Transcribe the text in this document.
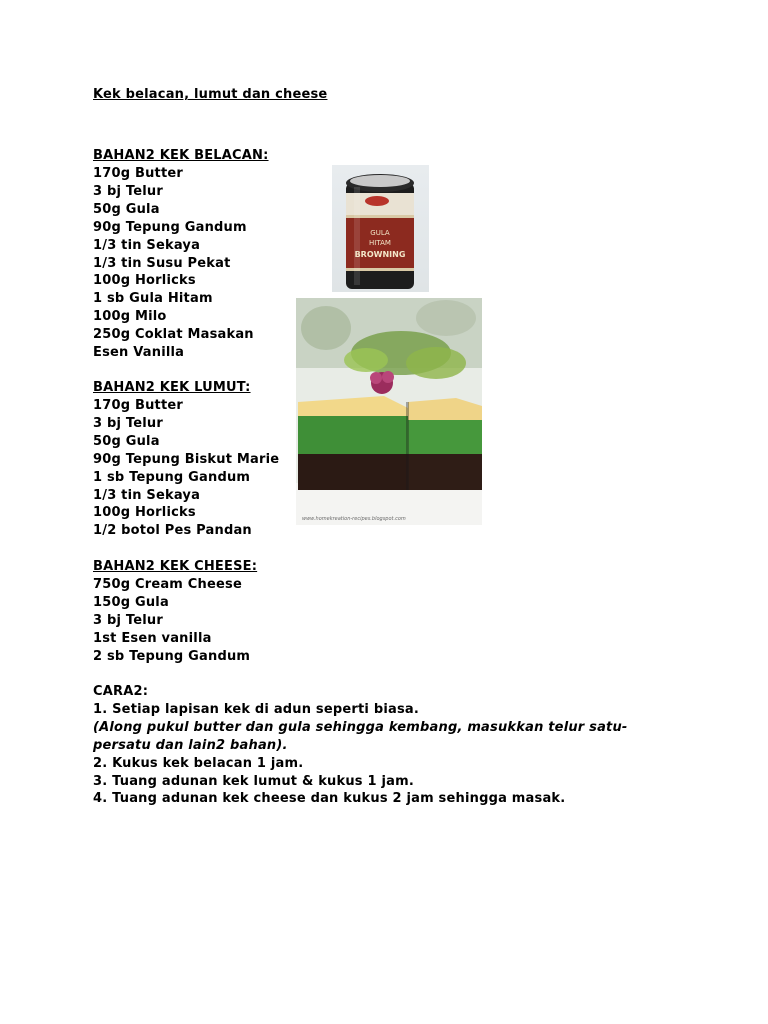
Kek belacan, lumut dan cheese
BAHAN2 KEK BELACAN:
170g Butter
3 bj Telur
50g Gula
90g Tepung Gandum
1/3 tin Sekaya
1/3 tin Susu Pekat
100g Horlicks
1 sb Gula Hitam
100g Milo
250g Coklat Masakan
Esen Vanilla
BAHAN2 KEK LUMUT:
170g Butter
3 bj Telur
50g Gula
90g Tepung Biskut Marie
1 sb Tepung Gandum
1/3 tin Sekaya
100g Horlicks
1/2 botol Pes Pandan
BAHAN2 KEK CHEESE:
750g Cream Cheese
150g Gula
3 bj Telur
1st Esen vanilla
2 sb Tepung Gandum
CARA2:
1. Setiap lapisan kek di adun seperti biasa.
(Along pukul butter dan gula sehingga kembang, masukkan telur satu-persatu dan lain2 bahan).
2. Kukus kek belacan 1 jam.
3. Tuang adunan kek lumut & kukus 1 jam.
4. Tuang adunan kek cheese dan kukus 2 jam sehingga masak.
GULA
HITAM
BROWNING
www.homekreation-recipes.blogspot.com
